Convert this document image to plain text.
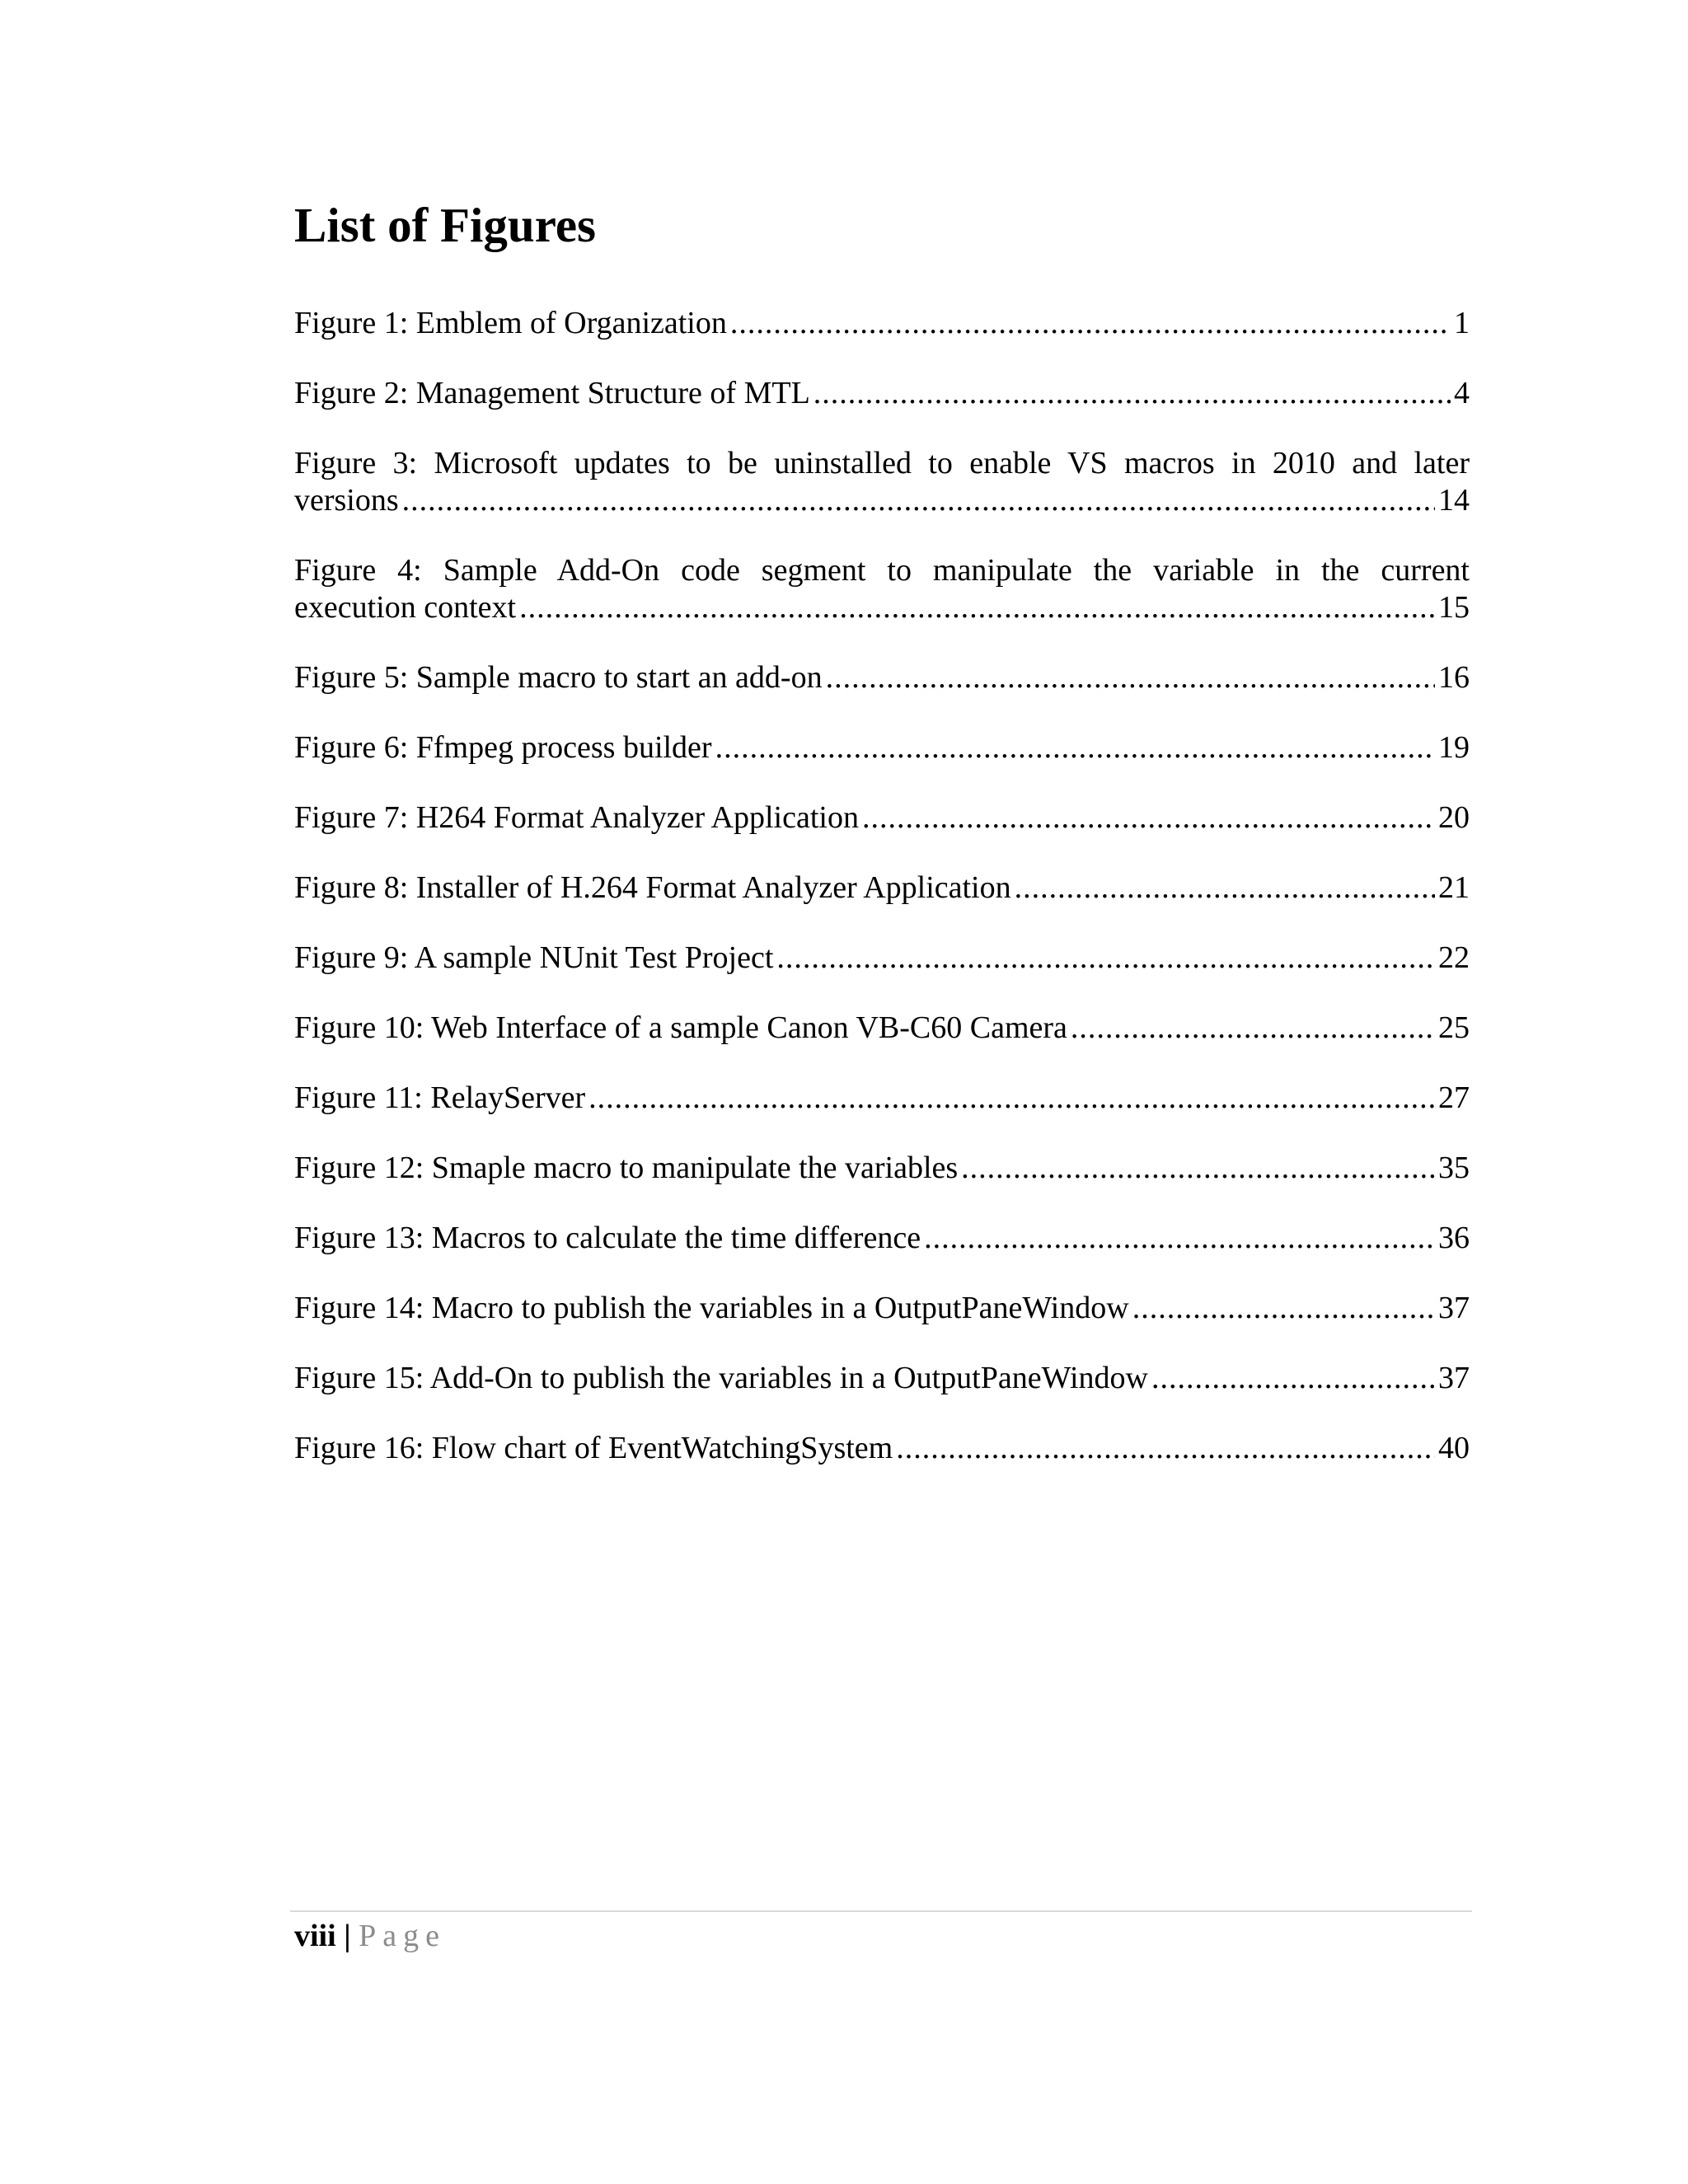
List of Figures
Figure 1: Emblem of Organization .....	1
Figure 2: Management Structure of MTL .....	4
Figure 3: Microsoft updates to be uninstalled to enable VS macros in 2010 and later
versions .....	14
Figure 4: Sample Add-On code segment to manipulate the variable in the current
execution context .....	15
Figure 5: Sample macro to start an add-on .....	16
Figure 6: Ffmpeg process builder .....	19
Figure 7: H264 Format Analyzer Application .....	20
Figure 8: Installer of H.264 Format Analyzer Application .....	21
Figure 9: A sample NUnit Test Project .....	22
Figure 10: Web Interface of a sample Canon VB-C60 Camera .....	25
Figure 11: RelayServer .....	27
Figure 12: Smaple macro to manipulate the variables .....	35
Figure 13: Macros to calculate the time difference .....	36
Figure 14: Macro to publish the variables in a OutputPaneWindow .....	37
Figure 15: Add-On to publish the variables in a OutputPaneWindow .....	37
Figure 16: Flow chart of EventWatchingSystem .....	40
viii | Page
